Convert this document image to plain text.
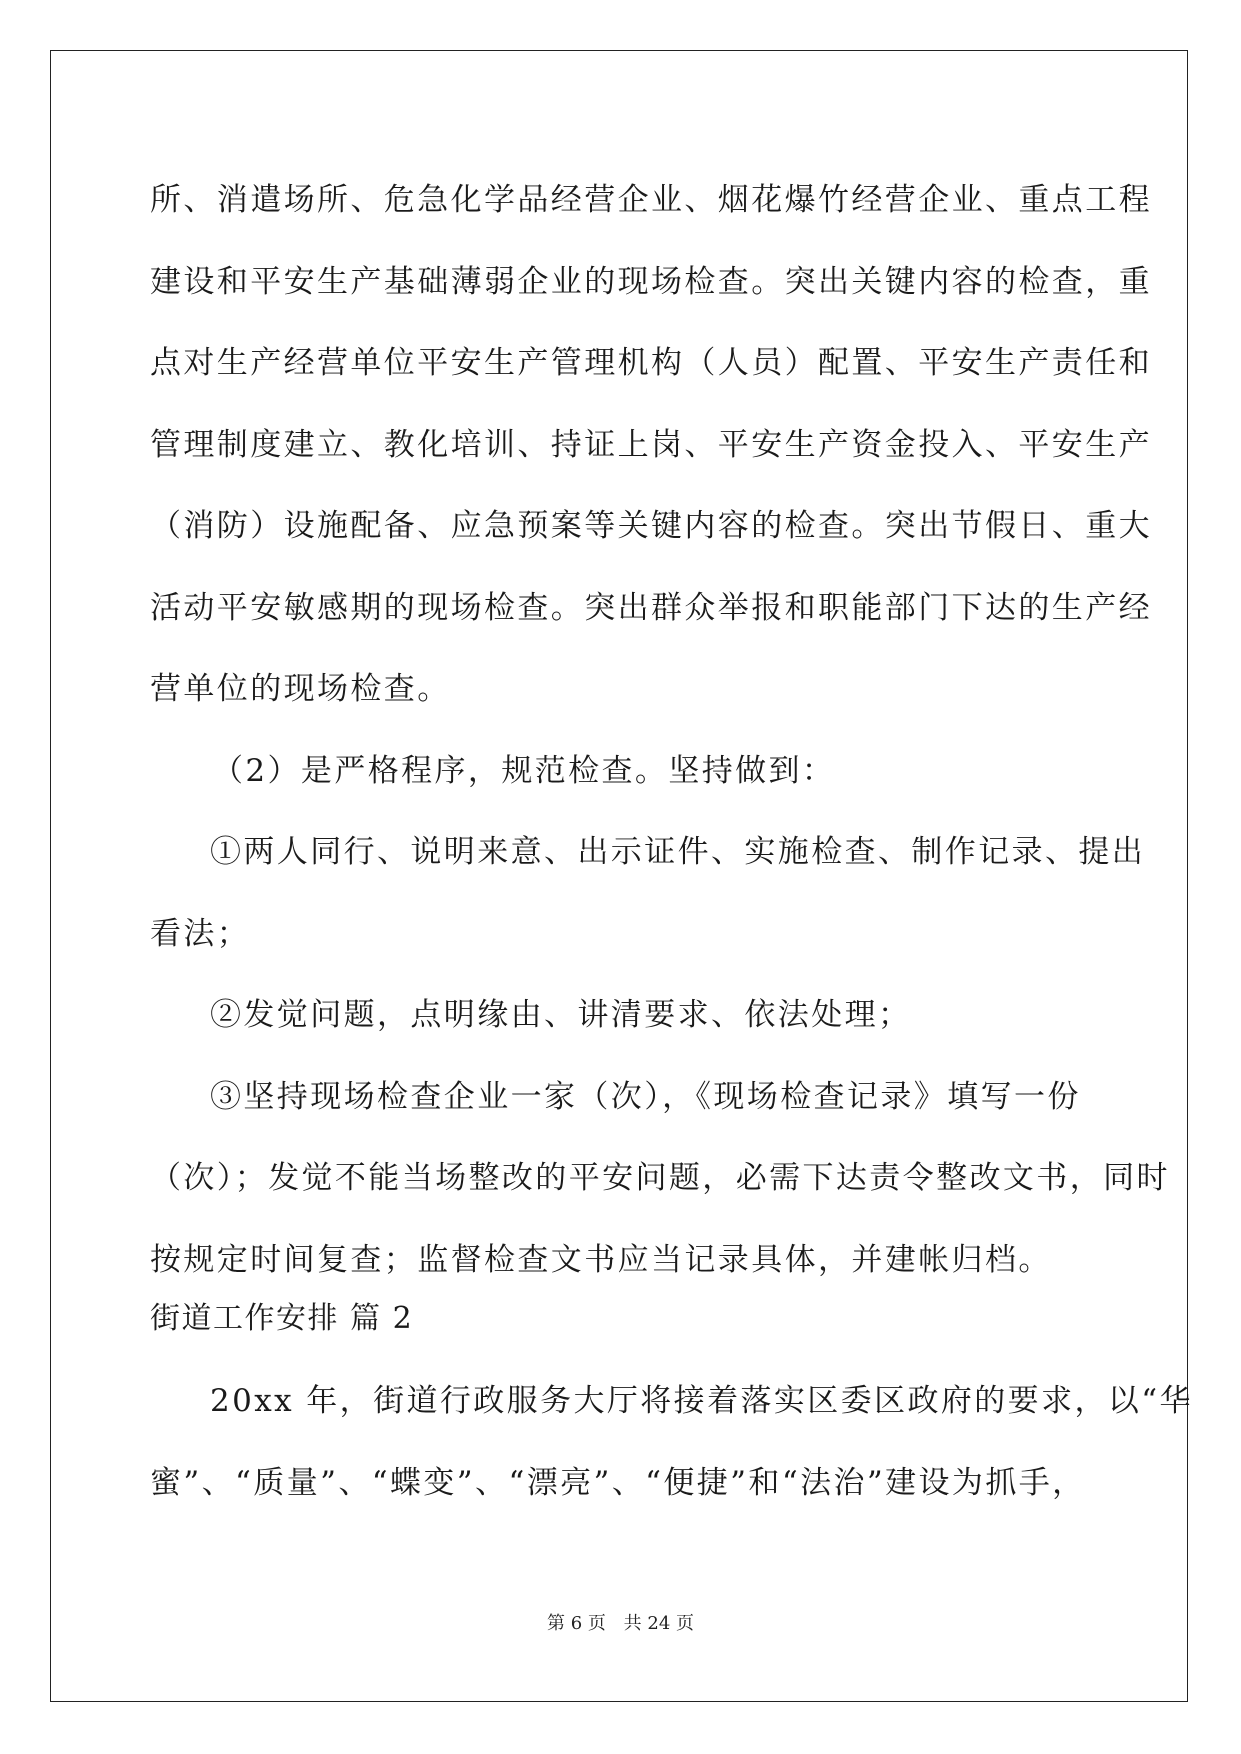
所、消遣场所、危急化学品经营企业、烟花爆竹经营企业、重点工程

建设和平安生产基础薄弱企业的现场检查。突出关键内容的检查，重

点对生产经营单位平安生产管理机构（人员）配置、平安生产责任和

管理制度建立、教化培训、持证上岗、平安生产资金投入、平安生产

（消防）设施配备、应急预案等关键内容的检查。突出节假日、重大

活动平安敏感期的现场检查。突出群众举报和职能部门下达的生产经

营单位的现场检查。

（2）是严格程序，规范检查。坚持做到：

①两人同行、说明来意、出示证件、实施检查、制作记录、提出

看法；

②发觉问题，点明缘由、讲清要求、依法处理；

③坚持现场检查企业一家（次），《现场检查记录》填写一份

（次）；发觉不能当场整改的平安问题，必需下达责令整改文书，同时

按规定时间复查；监督检查文书应当记录具体，并建帐归档。

街道工作安排 篇 2

20xx 年，街道行政服务大厅将接着落实区委区政府的要求，以“华

蜜”、“质量”、“蝶变”、“漂亮”、“便捷”和“法治”建设为抓手，

第 6 页 共 24 页
